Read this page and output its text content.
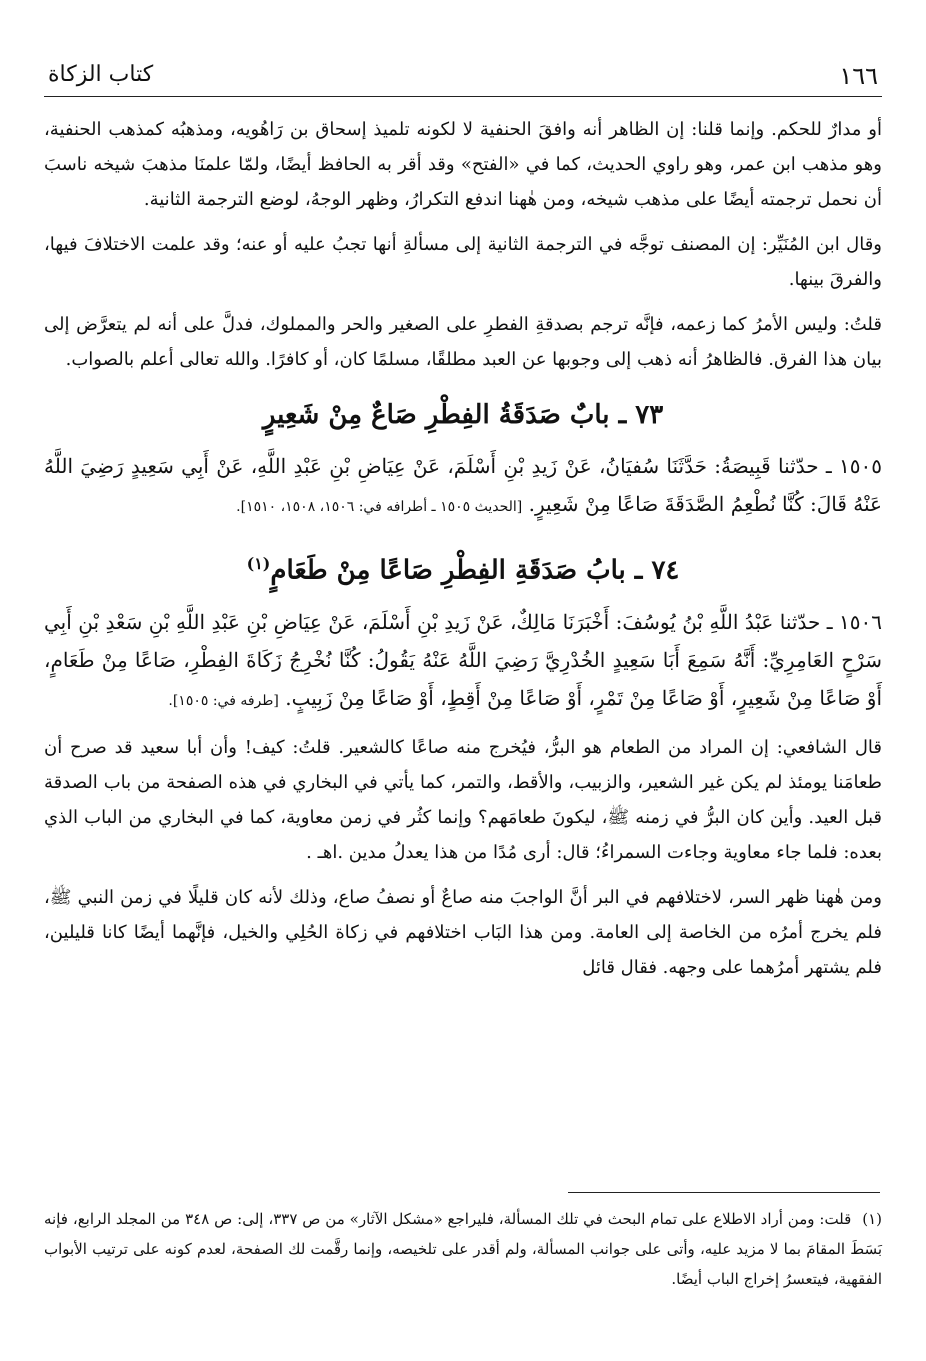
١٦٦
كتاب الزكاة

أو مدارٌ للحكم. وإنما قلنا: إن الظاهر أنه وافقَ الحنفية لا لكونه تلميذ إسحاق بن رَاهُويه، ومذهبُه كمذهب الحنفية، وهو مذهب ابن عمر، وهو راوي الحديث، كما في «الفتح» وقد أقر به الحافظ أيضًا، ولمّا علمنَا مذهبَ شيخه ناسبَ أن نحمل ترجمته أيضًا على مذهب شيخه، ومن هٰهنا اندفع التكرارُ، وظهر الوجهُ، لوضع الترجمة الثانية.

وقال ابن المُنَيِّر: إن المصنف توجَّه في الترجمة الثانية إلى مسألةِ أنها تجبُ عليه أو عنه؛ وقد علمت الاختلافَ فيها، والفرقَ بينها.

قلتُ: وليس الأمرُ كما زعمه، فإنَّه ترجم بصدقةِ الفطرِ على الصغير والحر والمملوك، فدلَّ على أنه لم يتعرَّض إلى بيان هذا الفرق. فالظاهرُ أنه ذهب إلى وجوبها عن العبد مطلقًا، مسلمًا كان، أو كافرًا. والله تعالى أعلم بالصواب.

٧٣ ـ بابٌ صَدَقَةُ الفِطْرِ صَاعٌ مِنْ شَعِيرٍ

١٥٠٥ ـ حدّثنا قَبِيصَةُ: حَدَّثَنَا سُفيَانُ، عَنْ زَيدِ بْنِ أَسْلَمَ، عَنْ عِيَاضِ بْنِ عَبْدِ اللَّهِ، عَنْ أَبِي سَعِيدٍ رَضِيَ اللَّهُ عَنْهُ قَالَ: كُنَّا نُطْعِمُ الصَّدَقَةَ صَاعًا مِنْ شَعِيرٍ. [الحديث ١٥٠٥ ـ أطرافه في: ١٥٠٦، ١٥٠٨، ١٥١٠].

٧٤ ـ بابُ صَدَقَةِ الفِطْرِ صَاعًا مِنْ طَعَامٍ$^{(١)}$

١٥٠٦ ـ حدّثنا عَبْدُ اللَّهِ بْنُ يُوسُفَ: أَخْبَرَنَا مَالِكٌ، عَنْ زَيدِ بْنِ أَسْلَمَ، عَنْ عِيَاضِ بْنِ عَبْدِ اللَّهِ بْنِ سَعْدِ بْنِ أَبِي سَرْحٍ العَامِرِيِّ: أَنَّهُ سَمِعَ أَبَا سَعِيدٍ الخُدْرِيَّ رَضِيَ اللَّهُ عَنْهُ يَقُولُ: كُنَّا نُخْرِجُ زَكَاةَ الفِطْرِ، صَاعًا مِنْ طَعَامٍ، أَوْ صَاعًا مِنْ شَعِيرٍ، أَوْ صَاعًا مِنْ تَمْرٍ، أَوْ صَاعًا مِنْ أَقِطٍ، أَوْ صَاعًا مِنْ زَبِيبٍ. [طرفه في: ١٥٠٥].

قال الشافعي: إن المراد من الطعام هو البرُّ، فيُخرج منه صاعًا كالشعير. قلتُ: كيف! وأن أبا سعيد قد صرح أن طعامَنا يومئذ لم يكن غير الشعير، والزبيب، والأقط، والتمر، كما يأتي في البخاري في هذه الصفحة من باب الصدقة قبل العيد. وأين كان البرُّ في زمنه ﷺ، ليكونَ طعامَهم؟ وإنما كثُر في زمن معاوية، كما في البخاري من الباب الذي بعده: فلما جاء معاوية وجاءت السمراءُ؛ قال: أرى مُدًا من هذا يعدلُ مدين .اهـ .

ومن هٰهنا ظهر السر، لاختلافهم في البر أنَّ الواجبَ منه صاعٌ أو نصفُ صاع، وذلك لأنه كان قليلًا في زمن النبي ﷺ، فلم يخرج أمرُه من الخاصة إلى العامة. ومن هذا البَاب اختلافهم في زكاة الحُلِي والخيل، فإنَّهما أيضًا كانا قليلين، فلم يشتهر أمرُهما على وجهه. فقال قائل

(١) قلت: ومن أراد الاطلاع على تمام البحث في تلك المسألة، فليراجع «مشكل الآثار» من ص ٣٣٧، إلى: ص ٣٤٨ من المجلد الرابع، فإنه بَسَطَ المقامَ بما لا مزيد عليه، وأتى على جوانب المسألة، ولم أقدر على تلخيصه، وإنما رقَّمت لك الصفحة، لعدم كونه على ترتيب الأبواب الفقهية، فيتعسرُ إخراج الباب أيضًا.
